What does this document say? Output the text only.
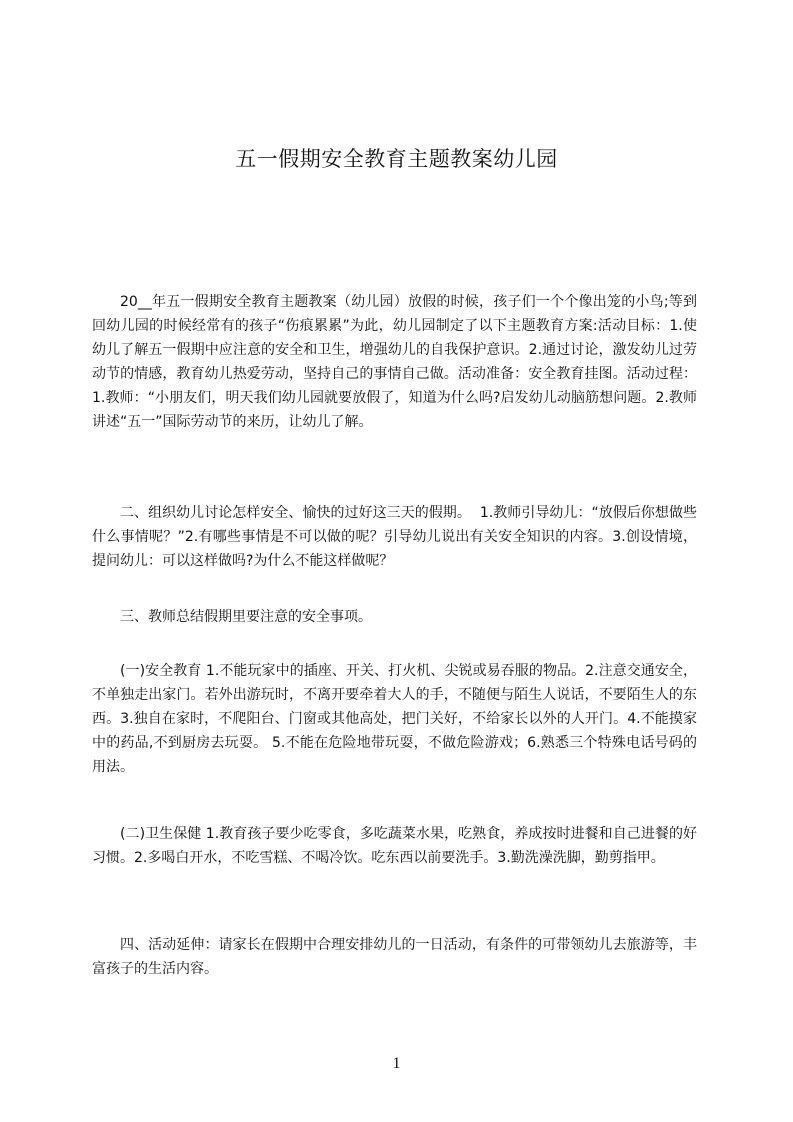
五一假期安全教育主题教案幼儿园

20__年五一假期安全教育主题教案（幼儿园）放假的时候，孩子们一个个像出笼的小鸟;等到回幼儿园的时候经常有的孩子“伤痕累累”为此，幼儿园制定了以下主题教育方案:活动目标：1.使幼儿了解五一假期中应注意的安全和卫生，增强幼儿的自我保护意识。2.通过讨论，激发幼儿过劳动节的情感，教育幼儿热爱劳动，坚持自己的事情自己做。活动准备：安全教育挂图。活动过程：1.教师：“小朋友们，明天我们幼儿园就要放假了，知道为什么吗?启发幼儿动脑筋想问题。2.教师讲述“五一”国际劳动节的来历，让幼儿了解。

二、组织幼儿讨论怎样安全、愉快的过好这三天的假期。  1.教师引导幼儿：“放假后你想做些什么事情呢？”2.有哪些事情是不可以做的呢？引导幼儿说出有关安全知识的内容。3.创设情境，提问幼儿：可以这样做吗?为什么不能这样做呢？

三、教师总结假期里要注意的安全事项。

(一)安全教育 1.不能玩家中的插座、开关、打火机、尖锐或易吞服的物品。2.注意交通安全，不单独走出家门。若外出游玩时，不离开要牵着大人的手，不随便与陌生人说话，不要陌生人的东西。3.独自在家时，不爬阳台、门窗或其他高处，把门关好，不给家长以外的人开门。4.不能摸家中的药品,不到厨房去玩耍。 5.不能在危险地带玩耍，不做危险游戏；6.熟悉三个特殊电话号码的用法。

(二)卫生保健 1.教育孩子要少吃零食，多吃蔬菜水果，吃熟食，养成按时进餐和自己进餐的好习惯。2.多喝白开水，不吃雪糕、不喝冷饮。吃东西以前要洗手。3.勤洗澡洗脚，勤剪指甲。

四、活动延伸：请家长在假期中合理安排幼儿的一日活动，有条件的可带领幼儿去旅游等，丰富孩子的生活内容。

1
